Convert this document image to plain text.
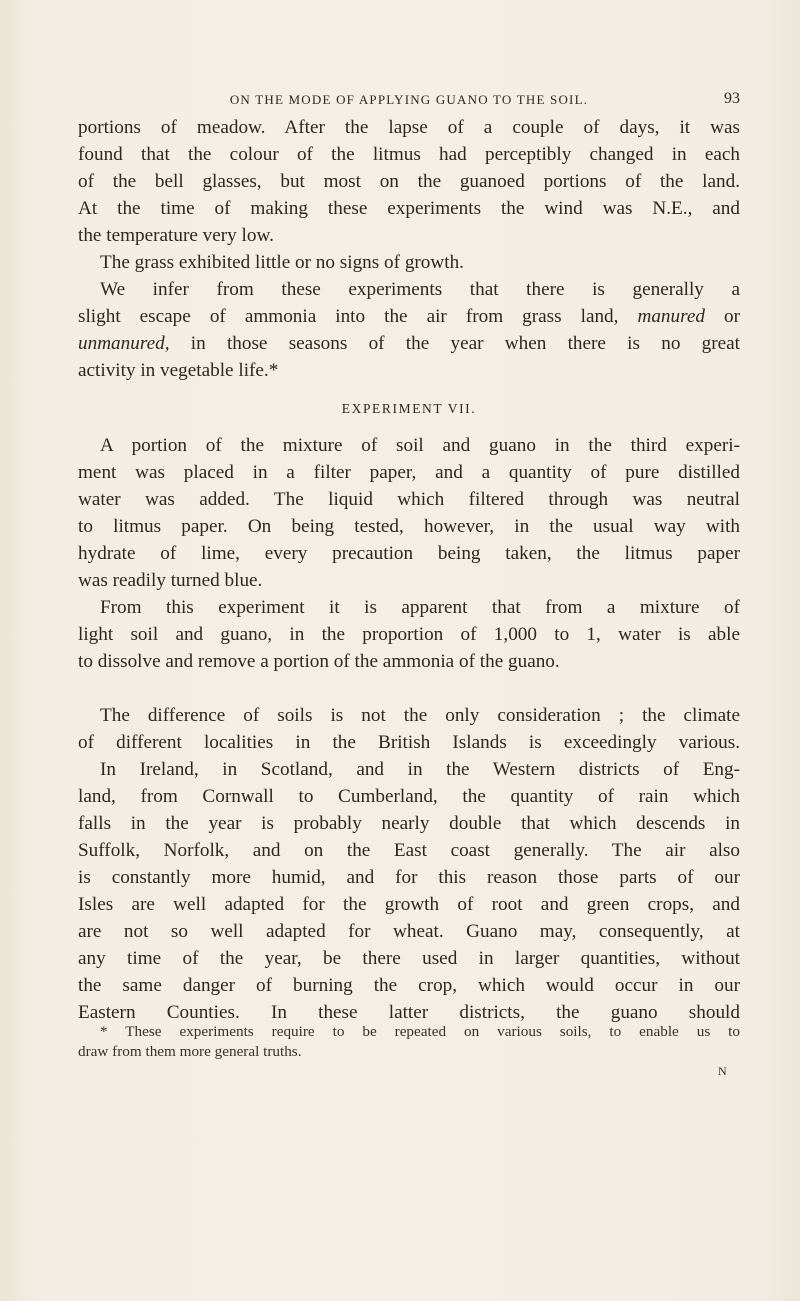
ON THE MODE OF APPLYING GUANO TO THE SOIL.	93
portions of meadow. After the lapse of a couple of days, it was
found that the colour of the litmus had perceptibly changed in each
of the bell glasses, but most on the guanoed portions of the land.
At the time of making these experiments the wind was N.E., and
the temperature very low.
The grass exhibited little or no signs of growth.
We infer from these experiments that there is generally a
slight escape of ammonia into the air from grass land, manured or
unmanured, in those seasons of the year when there is no great
activity in vegetable life.*
EXPERIMENT VII.
A portion of the mixture of soil and guano in the third experi-
ment was placed in a filter paper, and a quantity of pure distilled
water was added. The liquid which filtered through was neutral
to litmus paper. On being tested, however, in the usual way with
hydrate of lime, every precaution being taken, the litmus paper
was readily turned blue.
From this experiment it is apparent that from a mixture of
light soil and guano, in the proportion of 1,000 to 1, water is able
to dissolve and remove a portion of the ammonia of the guano.
The difference of soils is not the only consideration ; the climate
of different localities in the British Islands is exceedingly various.
In Ireland, in Scotland, and in the Western districts of Eng-
land, from Cornwall to Cumberland, the quantity of rain which
falls in the year is probably nearly double that which descends in
Suffolk, Norfolk, and on the East coast generally. The air also
is constantly more humid, and for this reason those parts of our
Isles are well adapted for the growth of root and green crops, and
are not so well adapted for wheat. Guano may, consequently, at
any time of the year, be there used in larger quantities, without
the same danger of burning the crop, which would occur in our
Eastern Counties. In these latter districts, the guano should
* These experiments require to be repeated on various soils, to enable us to
draw from them more general truths.
N
